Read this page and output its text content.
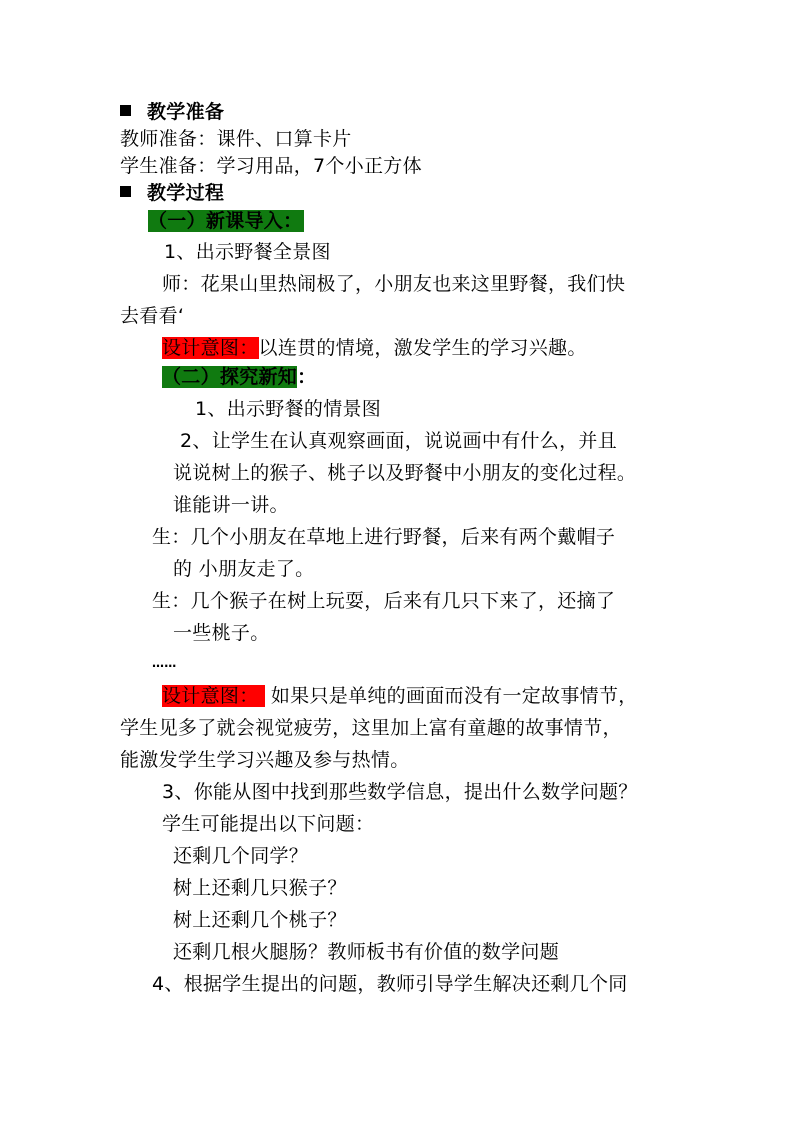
教学准备
教师准备：课件、口算卡片
学生准备：学习用品，7个小正方体
教学过程
（一）新课导入：
1、出示野餐全景图
师：花果山里热闹极了，小朋友也来这里野餐，我们快
去看看‘
设计意图：以连贯的情境，激发学生的学习兴趣。
（二）探究新知：
1、出示野餐的情景图
2、让学生在认真观察画面，说说画中有什么，并且
说说树上的猴子、桃子以及野餐中小朋友的变化过程。
谁能讲一讲。
生：几个小朋友在草地上进行野餐，后来有两个戴帽子
的 小朋友走了。
生：几个猴子在树上玩耍，后来有几只下来了，还摘了
一些桃子。
……
设计意图： 如果只是单纯的画面而没有一定故事情节，
学生见多了就会视觉疲劳，这里加上富有童趣的故事情节，
能激发学生学习兴趣及参与热情。
3、你能从图中找到那些数学信息，提出什么数学问题？
学生可能提出以下问题：
还剩几个同学？
树上还剩几只猴子？
树上还剩几个桃子？
还剩几根火腿肠？教师板书有价值的数学问题
4、根据学生提出的问题，教师引导学生解决还剩几个同
